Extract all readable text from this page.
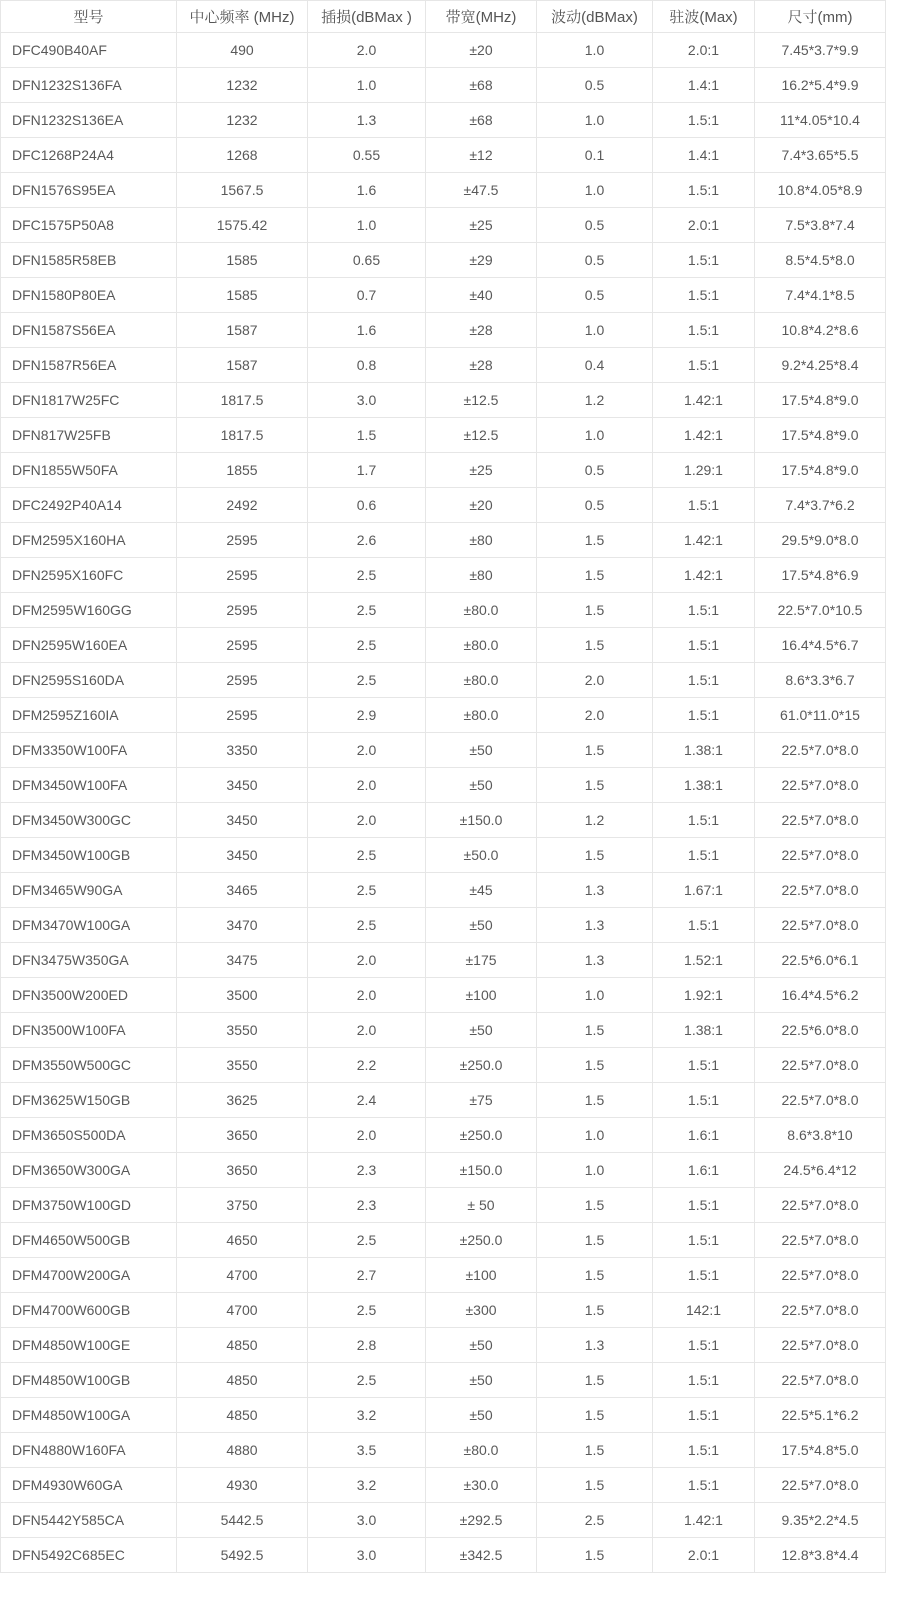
型号	中心频率 (MHz)	插损(dBMax )	带宽(MHz)	波动(dBMax)	驻波(Max)	尺寸(mm)
DFC490B40AF	490	2.0	±20	1.0	2.0:1	7.45*3.7*9.9
DFN1232S136FA	1232	1.0	±68	0.5	1.4:1	16.2*5.4*9.9
DFN1232S136EA	1232	1.3	±68	1.0	1.5:1	11*4.05*10.4
DFC1268P24A4	1268	0.55	±12	0.1	1.4:1	7.4*3.65*5.5
DFN1576S95EA	1567.5	1.6	±47.5	1.0	1.5:1	10.8*4.05*8.9
DFC1575P50A8	1575.42	1.0	±25	0.5	2.0:1	7.5*3.8*7.4
DFN1585R58EB	1585	0.65	±29	0.5	1.5:1	8.5*4.5*8.0
DFN1580P80EA	1585	0.7	±40	0.5	1.5:1	7.4*4.1*8.5
DFN1587S56EA	1587	1.6	±28	1.0	1.5:1	10.8*4.2*8.6
DFN1587R56EA	1587	0.8	±28	0.4	1.5:1	9.2*4.25*8.4
DFN1817W25FC	1817.5	3.0	±12.5	1.2	1.42:1	17.5*4.8*9.0
DFN817W25FB	1817.5	1.5	±12.5	1.0	1.42:1	17.5*4.8*9.0
DFN1855W50FA	1855	1.7	±25	0.5	1.29:1	17.5*4.8*9.0
DFC2492P40A14	2492	0.6	±20	0.5	1.5:1	7.4*3.7*6.2
DFM2595X160HA	2595	2.6	±80	1.5	1.42:1	29.5*9.0*8.0
DFN2595X160FC	2595	2.5	±80	1.5	1.42:1	17.5*4.8*6.9
DFM2595W160GG	2595	2.5	±80.0	1.5	1.5:1	22.5*7.0*10.5
DFN2595W160EA	2595	2.5	±80.0	1.5	1.5:1	16.4*4.5*6.7
DFN2595S160DA	2595	2.5	±80.0	2.0	1.5:1	8.6*3.3*6.7
DFM2595Z160IA	2595	2.9	±80.0	2.0	1.5:1	61.0*11.0*15
DFM3350W100FA	3350	2.0	±50	1.5	1.38:1	22.5*7.0*8.0
DFM3450W100FA	3450	2.0	±50	1.5	1.38:1	22.5*7.0*8.0
DFM3450W300GC	3450	2.0	±150.0	1.2	1.5:1	22.5*7.0*8.0
DFM3450W100GB	3450	2.5	±50.0	1.5	1.5:1	22.5*7.0*8.0
DFM3465W90GA	3465	2.5	±45	1.3	1.67:1	22.5*7.0*8.0
DFM3470W100GA	3470	2.5	±50	1.3	1.5:1	22.5*7.0*8.0
DFN3475W350GA	3475	2.0	±175	1.3	1.52:1	22.5*6.0*6.1
DFN3500W200ED	3500	2.0	±100	1.0	1.92:1	16.4*4.5*6.2
DFN3500W100FA	3550	2.0	±50	1.5	1.38:1	22.5*6.0*8.0
DFM3550W500GC	3550	2.2	±250.0	1.5	1.5:1	22.5*7.0*8.0
DFM3625W150GB	3625	2.4	±75	1.5	1.5:1	22.5*7.0*8.0
DFM3650S500DA	3650	2.0	±250.0	1.0	1.6:1	8.6*3.8*10
DFM3650W300GA	3650	2.3	±150.0	1.0	1.6:1	24.5*6.4*12
DFM3750W100GD	3750	2.3	± 50	1.5	1.5:1	22.5*7.0*8.0
DFM4650W500GB	4650	2.5	±250.0	1.5	1.5:1	22.5*7.0*8.0
DFM4700W200GA	4700	2.7	±100	1.5	1.5:1	22.5*7.0*8.0
DFM4700W600GB	4700	2.5	±300	1.5	142:1	22.5*7.0*8.0
DFM4850W100GE	4850	2.8	±50	1.3	1.5:1	22.5*7.0*8.0
DFM4850W100GB	4850	2.5	±50	1.5	1.5:1	22.5*7.0*8.0
DFM4850W100GA	4850	3.2	±50	1.5	1.5:1	22.5*5.1*6.2
DFN4880W160FA	4880	3.5	±80.0	1.5	1.5:1	17.5*4.8*5.0
DFM4930W60GA	4930	3.2	±30.0	1.5	1.5:1	22.5*7.0*8.0
DFN5442Y585CA	5442.5	3.0	±292.5	2.5	1.42:1	9.35*2.2*4.5
DFN5492C685EC	5492.5	3.0	±342.5	1.5	2.0:1	12.8*3.8*4.4
